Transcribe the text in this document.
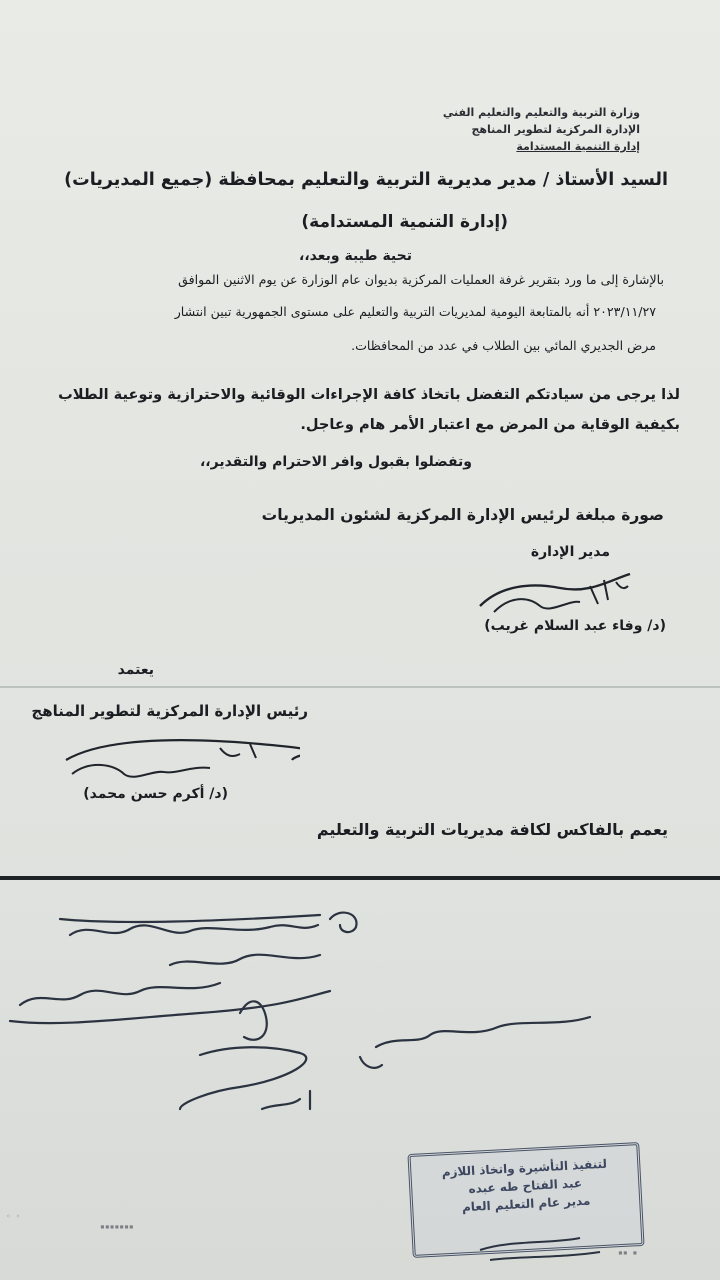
وزارة التربية والتعليم والتعليم الفني
الإدارة المركزية لتطوير المناهج
إدارة التنمية المستدامة
السيد الأستاذ / مدير مديرية التربية والتعليم بمحافظة (جميع المديريات)
(إدارة التنمية المستدامة)
تحية طيبة وبعد،،
بالإشارة إلى ما ورد بتقرير غرفة العمليات المركزية بديوان عام الوزارة عن يوم الاثنين الموافق
٢٠٢٣/١١/٢٧ أنه بالمتابعة اليومية لمديريات التربية والتعليم على مستوى الجمهورية تبين انتشار
مرض الجديري المائي بين الطلاب في عدد من المحافظات.
لذا يرجى من سيادتكم التفضل باتخاذ كافة الإجراءات الوقائية والاحترازية وتوعية الطلاب
بكيفية الوقاية من المرض مع اعتبار الأمر هام وعاجل.
وتفضلوا بقبول وافر الاحترام والتقدير،،
صورة مبلغة لرئيس الإدارة المركزية لشئون المديريات
مدير الإدارة
(د/ وفاء عبد السلام غريب)
يعتمد
رئيس الإدارة المركزية لتطوير المناهج
(د/ أكرم حسن محمد)
يعمم بالفاكس لكافة مديريات التربية والتعليم
لتنفيذ التأشيرة واتخاذ اللازم
عبد الفتاح طه عبده
مدير عام التعليم العام
◦ ◦
▪▪▪▪▪▪▪
▪▪ ▪
